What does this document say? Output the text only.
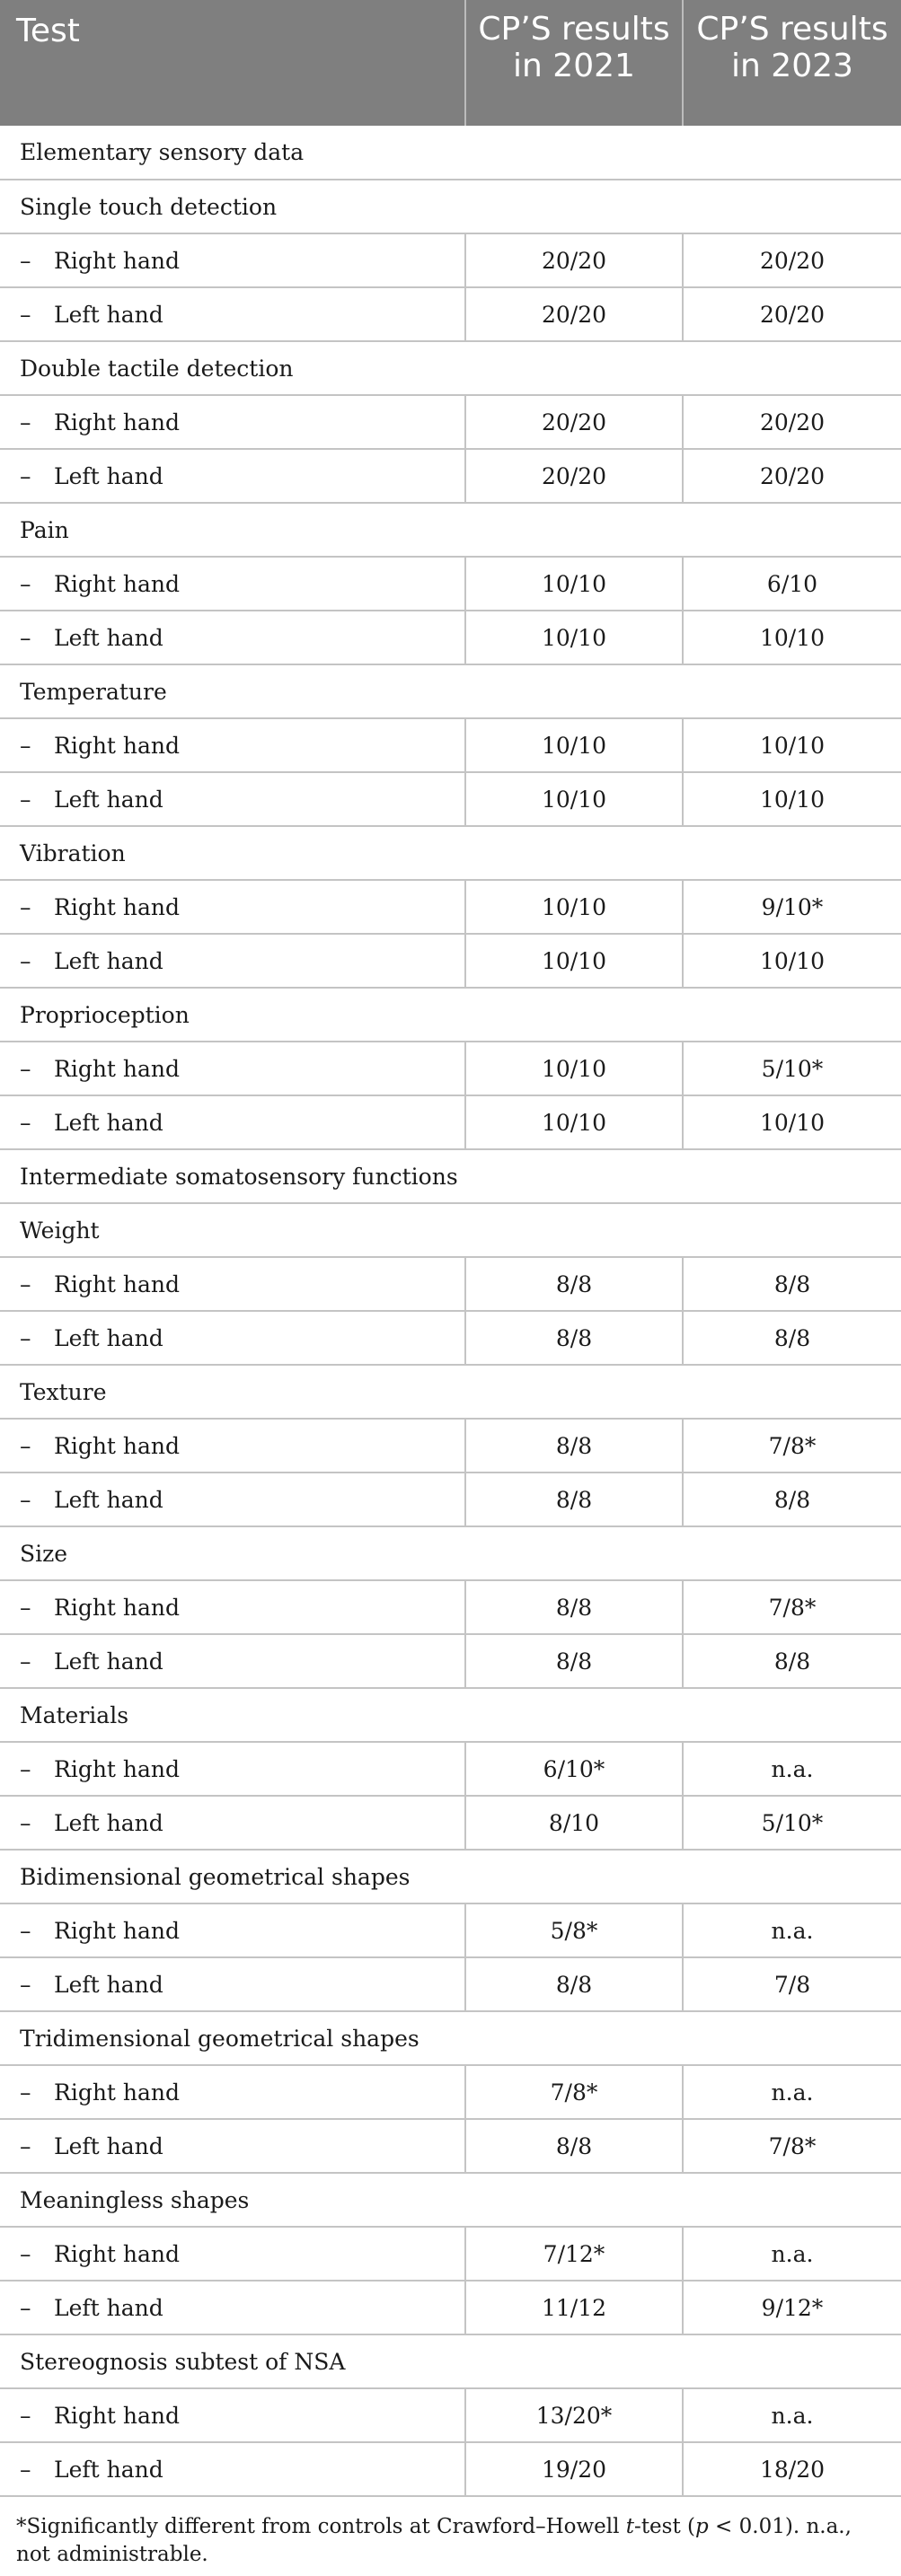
Test	CP’S results in 2021	CP’S results in 2023
Elementary sensory data		
Single touch detection		
– Right hand	20/20	20/20
– Left hand	20/20	20/20
Double tactile detection		
– Right hand	20/20	20/20
– Left hand	20/20	20/20
Pain		
– Right hand	10/10	6/10
– Left hand	10/10	10/10
Temperature		
– Right hand	10/10	10/10
– Left hand	10/10	10/10
Vibration		
– Right hand	10/10	9/10*
– Left hand	10/10	10/10
Proprioception		
– Right hand	10/10	5/10*
– Left hand	10/10	10/10
Intermediate somatosensory functions		
Weight		
– Right hand	8/8	8/8
– Left hand	8/8	8/8
Texture		
– Right hand	8/8	7/8*
– Left hand	8/8	8/8
Size		
– Right hand	8/8	7/8*
– Left hand	8/8	8/8
Materials		
– Right hand	6/10*	n.a.
– Left hand	8/10	5/10*
Bidimensional geometrical shapes		
– Right hand	5/8*	n.a.
– Left hand	8/8	7/8
Tridimensional geometrical shapes		
– Right hand	7/8*	n.a.
– Left hand	8/8	7/8*
Meaningless shapes		
– Right hand	7/12*	n.a.
– Left hand	11/12	9/12*
Stereognosis subtest of NSA		
– Right hand	13/20*	n.a.
– Left hand	19/20	18/20
*Significantly different from controls at Crawford–Howell t-test (p < 0.01). n.a., not administrable.
